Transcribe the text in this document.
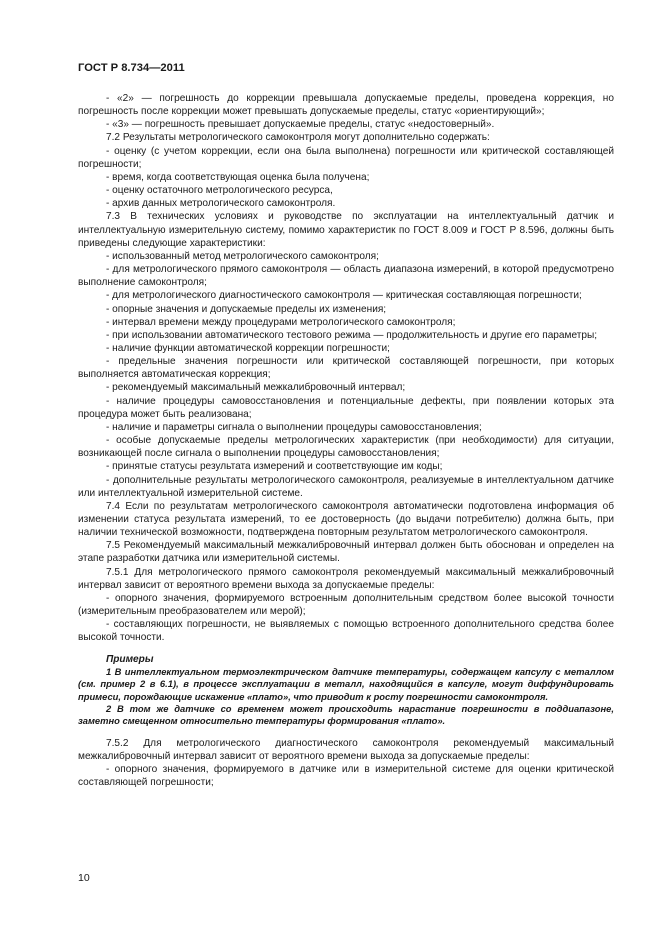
ГОСТ Р 8.734—2011

- «2» — погрешность до коррекции превышала допускаемые пределы, проведена коррекция, но погрешность после коррекции может превышать допускаемые пределы, статус «ориентирующий»;

- «3» — погрешность превышает допускаемые пределы, статус «недостоверный».

7.2 Результаты метрологического самоконтроля могут дополнительно содержать:

- оценку (с учетом коррекции, если она была выполнена) погрешности или критической составляющей погрешности;

- время, когда соответствующая оценка была получена;

- оценку остаточного метрологического ресурса,

- архив данных метрологического самоконтроля.

7.3 В технических условиях и руководстве по эксплуатации на интеллектуальный датчик и интеллектуальную измерительную систему, помимо характеристик по ГОСТ 8.009 и ГОСТ Р 8.596, должны быть приведены следующие характеристики:

- использованный метод метрологического самоконтроля;

- для метрологического прямого самоконтроля — область диапазона измерений, в которой предусмотрено выполнение самоконтроля;

- для метрологического диагностического самоконтроля — критическая составляющая погрешности;

- опорные значения и допускаемые пределы их изменения;

- интервал времени между процедурами метрологического самоконтроля;

- при использовании автоматического тестового режима — продолжительность и другие его параметры;

- наличие функции автоматической коррекции погрешности;

- предельные значения погрешности или критической составляющей погрешности, при которых выполняется автоматическая коррекция;

- рекомендуемый максимальный межкалибровочный интервал;

- наличие процедуры самовосстановления и потенциальные дефекты, при появлении которых эта процедура может быть реализована;

- наличие и параметры сигнала о выполнении процедуры самовосстановления;

- особые допускаемые пределы метрологических характеристик (при необходимости) для ситуации, возникающей после сигнала о выполнении процедуры самовосстановления;

- принятые статусы результата измерений и соответствующие им коды;

- дополнительные результаты метрологического самоконтроля, реализуемые в интеллектуальном датчике или интеллектуальной измерительной системе.

7.4 Если по результатам метрологического самоконтроля автоматически подготовлена информация об изменении статуса результата измерений, то ее достоверность (до выдачи потребителю) должна быть, при наличии технической возможности, подтверждена повторным результатом метрологического самоконтроля.

7.5 Рекомендуемый максимальный межкалибровочный интервал должен быть обоснован и определен на этапе разработки датчика или измерительной системы.

7.5.1 Для метрологического прямого самоконтроля рекомендуемый максимальный межкалибровочный интервал зависит от вероятного времени выхода за допускаемые пределы:

- опорного значения, формируемого встроенным дополнительным средством более высокой точности (измерительным преобразователем или мерой);

- составляющих погрешности, не выявляемых с помощью встроенного дополнительного средства более высокой точности.

Примеры

1 В интеллектуальном термоэлектрическом датчике температуры, содержащем капсулу с металлом (см. пример 2 в 6.1), в процессе эксплуатации в металл, находящийся в капсуле, могут диффундировать примеси, порождающие искажение «плато», что приводит к росту погрешности самоконтроля.

2 В том же датчике со временем может происходить нарастание погрешности в поддиапазоне, заметно смещенном относительно температуры формирования «плато».

7.5.2 Для метрологического диагностического самоконтроля рекомендуемый максимальный межкалибровочный интервал зависит от вероятного времени выхода за допускаемые пределы:

- опорного значения, формируемого в датчике или в измерительной системе для оценки критической составляющей погрешности;

10
